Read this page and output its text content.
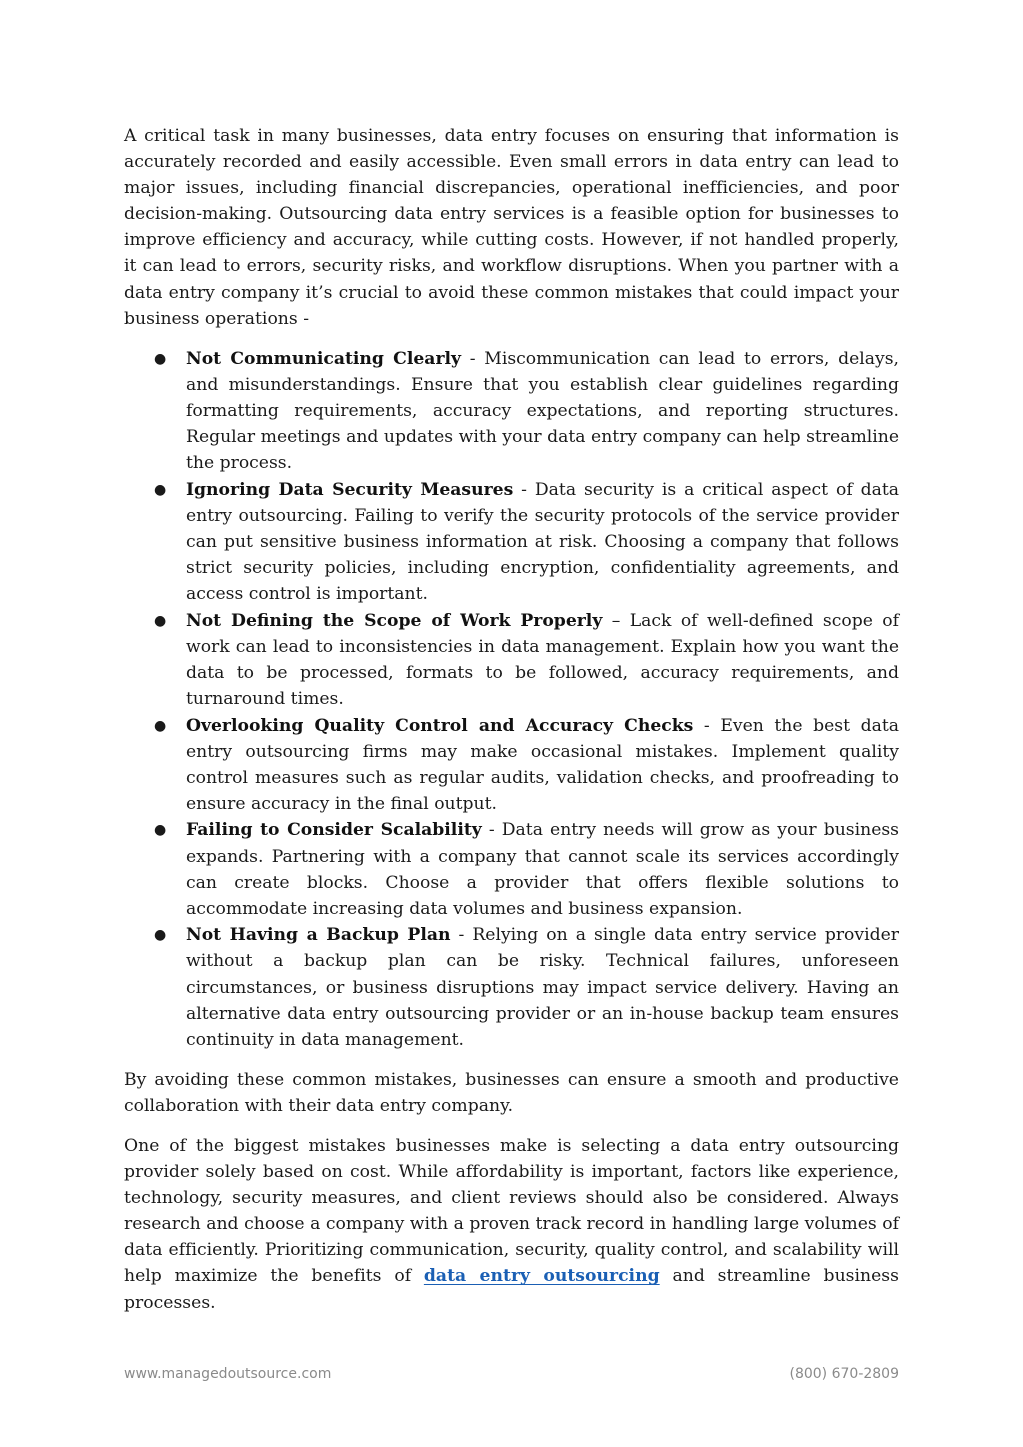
A critical task in many businesses, data entry focuses on ensuring that information is accurately recorded and easily accessible. Even small errors in data entry can lead to major issues, including financial discrepancies, operational inefficiencies, and poor decision-making. Outsourcing data entry services is a feasible option for businesses to improve efficiency and accuracy, while cutting costs. However, if not handled properly, it can lead to errors, security risks, and workflow disruptions. When you partner with a data entry company it’s crucial to avoid these common mistakes that could impact your business operations -

● Not Communicating Clearly - Miscommunication can lead to errors, delays, and misunderstandings. Ensure that you establish clear guidelines regarding formatting requirements, accuracy expectations, and reporting structures. Regular meetings and updates with your data entry company can help streamline the process.
● Ignoring Data Security Measures - Data security is a critical aspect of data entry outsourcing. Failing to verify the security protocols of the service provider can put sensitive business information at risk. Choosing a company that follows strict security policies, including encryption, confidentiality agreements, and access control is important.
● Not Defining the Scope of Work Properly – Lack of well-defined scope of work can lead to inconsistencies in data management. Explain how you want the data to be processed, formats to be followed, accuracy requirements, and turnaround times.
● Overlooking Quality Control and Accuracy Checks - Even the best data entry outsourcing firms may make occasional mistakes. Implement quality control measures such as regular audits, validation checks, and proofreading to ensure accuracy in the final output.
● Failing to Consider Scalability - Data entry needs will grow as your business expands. Partnering with a company that cannot scale its services accordingly can create blocks. Choose a provider that offers flexible solutions to accommodate increasing data volumes and business expansion.
● Not Having a Backup Plan - Relying on a single data entry service provider without a backup plan can be risky. Technical failures, unforeseen circumstances, or business disruptions may impact service delivery. Having an alternative data entry outsourcing provider or an in-house backup team ensures continuity in data management.

By avoiding these common mistakes, businesses can ensure a smooth and productive collaboration with their data entry company.

One of the biggest mistakes businesses make is selecting a data entry outsourcing provider solely based on cost. While affordability is important, factors like experience, technology, security measures, and client reviews should also be considered. Always research and choose a company with a proven track record in handling large volumes of data efficiently. Prioritizing communication, security, quality control, and scalability will help maximize the benefits of data entry outsourcing and streamline business processes.

www.managedoutsource.com	(800) 670-2809
